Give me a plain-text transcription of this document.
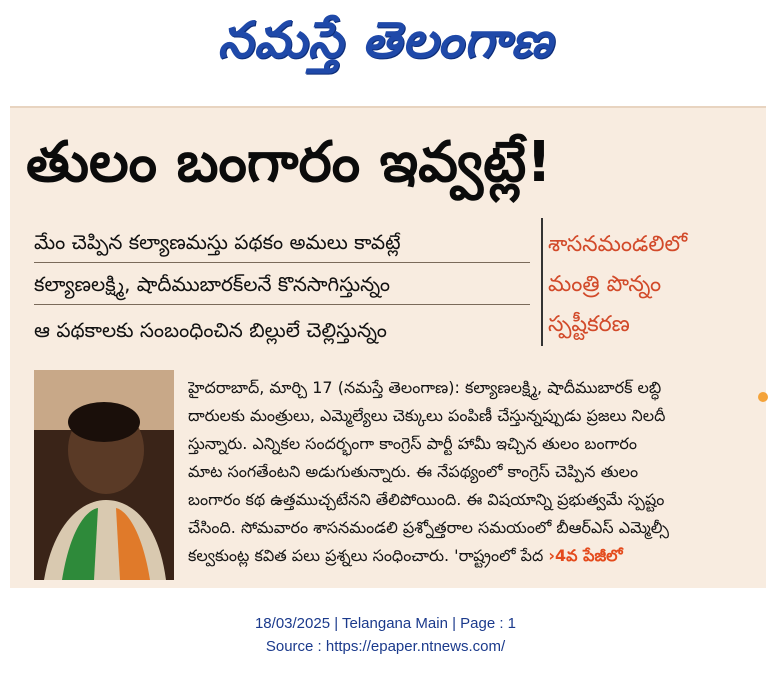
నమస్తే తెలంగాణ
తులం బంగారం ఇవ్వట్లే!
మేం చెప్పిన కల్యాణమస్తు పథకం అమలు కావట్లే
కల్యాణలక్ష్మి, షాదీముబారక్‌లనే కొనసాగిస్తున్నం
ఆ పథకాలకు సంబంధించిన బిల్లులే చెల్లిస్తున్నం
శాసనమండలిలో
మంత్రి పొన్నం
స్పష్టీకరణ
హైదరాబాద్, మార్చి 17 (నమస్తే తెలంగాణ): కల్యాణలక్ష్మి, షాదీముబారక్ లబ్ధి
దారులకు మంత్రులు, ఎమ్మెల్యేలు చెక్కులు పంపిణీ చేస్తున్నప్పుడు ప్రజలు నిలదీ
స్తున్నారు. ఎన్నికల సందర్భంగా కాంగ్రెస్ పార్టీ హామీ ఇచ్చిన తులం బంగారం
మాట సంగతేంటని అడుగుతున్నారు. ఈ నేపథ్యంలో కాంగ్రెస్ చెప్పిన తులం
బంగారం కథ ఉత్తముచ్చటేనని తేలిపోయింది. ఈ విషయాన్ని ప్రభుత్వమే స్పష్టం
చేసింది. సోమవారం శాసనమండలి ప్రశ్నోత్తరాల సమయంలో బీఆర్‌ఎస్ ఎమ్మెల్సీ
కల్వకుంట్ల కవిత పలు ప్రశ్నలు సంధించారు. 'రాష్ట్రంలో పేద ›4వ పేజీలో
18/03/2025 | Telangana Main | Page : 1
Source : https://epaper.ntnews.com/
